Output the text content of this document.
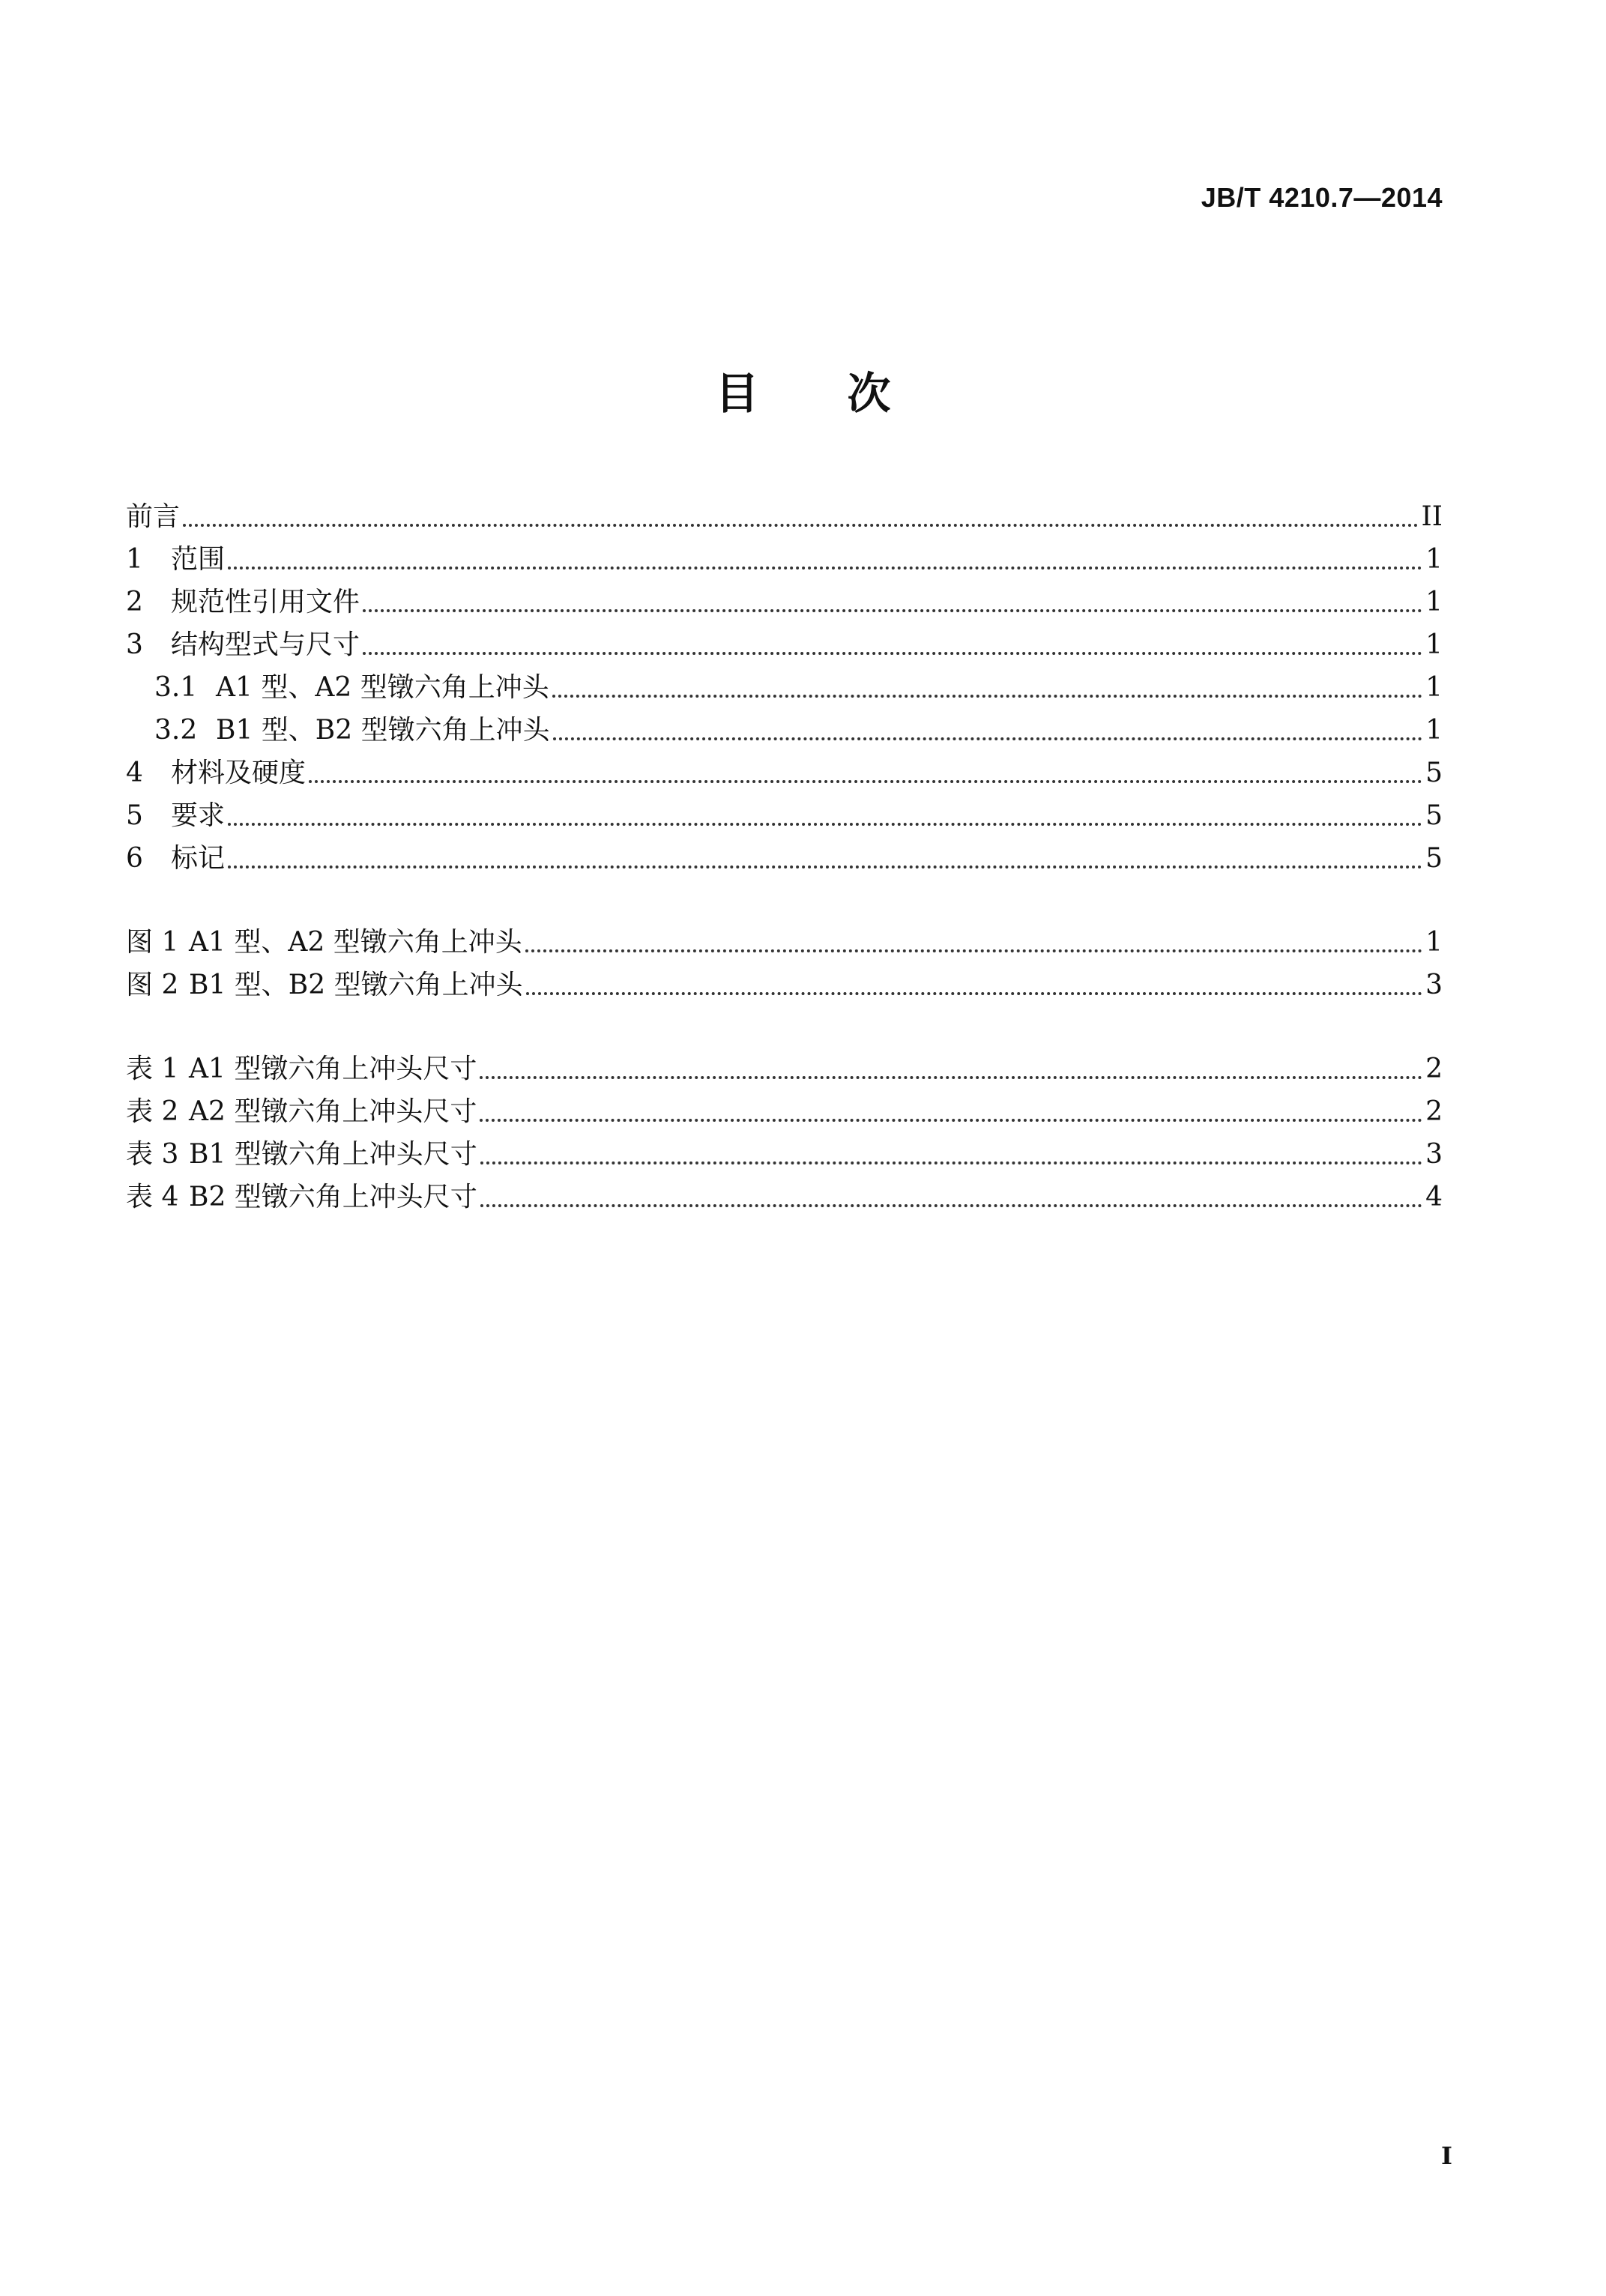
JB/T 4210.7—2014
目次
前言	II
1	范围	1
2	规范性引用文件	1
3	结构型式与尺寸	1
3.1 A1 型、A2 型镦六角上冲头	1
3.2 B1 型、B2 型镦六角上冲头	1
4	材料及硬度	5
5	要求	5
6	标记	5
图 1 A1 型、A2 型镦六角上冲头	1
图 2 B1 型、B2 型镦六角上冲头	3
表 1 A1 型镦六角上冲头尺寸	2
表 2 A2 型镦六角上冲头尺寸	2
表 3 B1 型镦六角上冲头尺寸	3
表 4 B2 型镦六角上冲头尺寸	4
I
